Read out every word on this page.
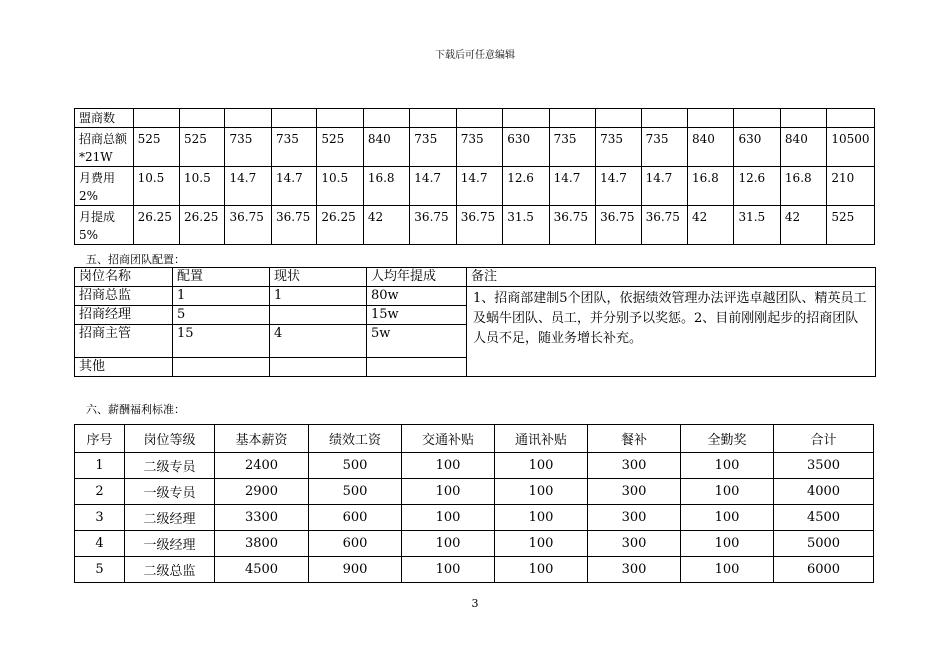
下载后可任意编辑
盟商数																
招商总额*21W	525	525	735	735	525	840	735	735	630	735	735	735	840	630	840	10500
月费用2%	10.5	10.5	14.7	14.7	10.5	16.8	14.7	14.7	12.6	14.7	14.7	14.7	16.8	12.6	16.8	210
月提成5%	26.25	26.25	36.75	36.75	26.25	42	36.75	36.75	31.5	36.75	36.75	36.75	42	31.5	42	525
五、招商团队配置：
岗位名称	配置	现状	人均年提成	备注
招商总监	1	1	80w	1、招商部建制5个团队，依据绩效管理办法评选卓越团队、精英员工及蜗牛团队、员工，并分别予以奖惩。2、目前刚刚起步的招商团队人员不足，随业务增长补充。
招商经理	5		15w	
招商主管	15	4	5w	
其他				
六、薪酬福利标准：
序号	岗位等级	基本薪资	绩效工资	交通补贴	通讯补贴	餐补	全勤奖	合计
1	二级专员	2400	500	100	100	300	100	3500
2	一级专员	2900	500	100	100	300	100	4000
3	二级经理	3300	600	100	100	300	100	4500
4	一级经理	3800	600	100	100	300	100	5000
5	二级总监	4500	900	100	100	300	100	6000
3
